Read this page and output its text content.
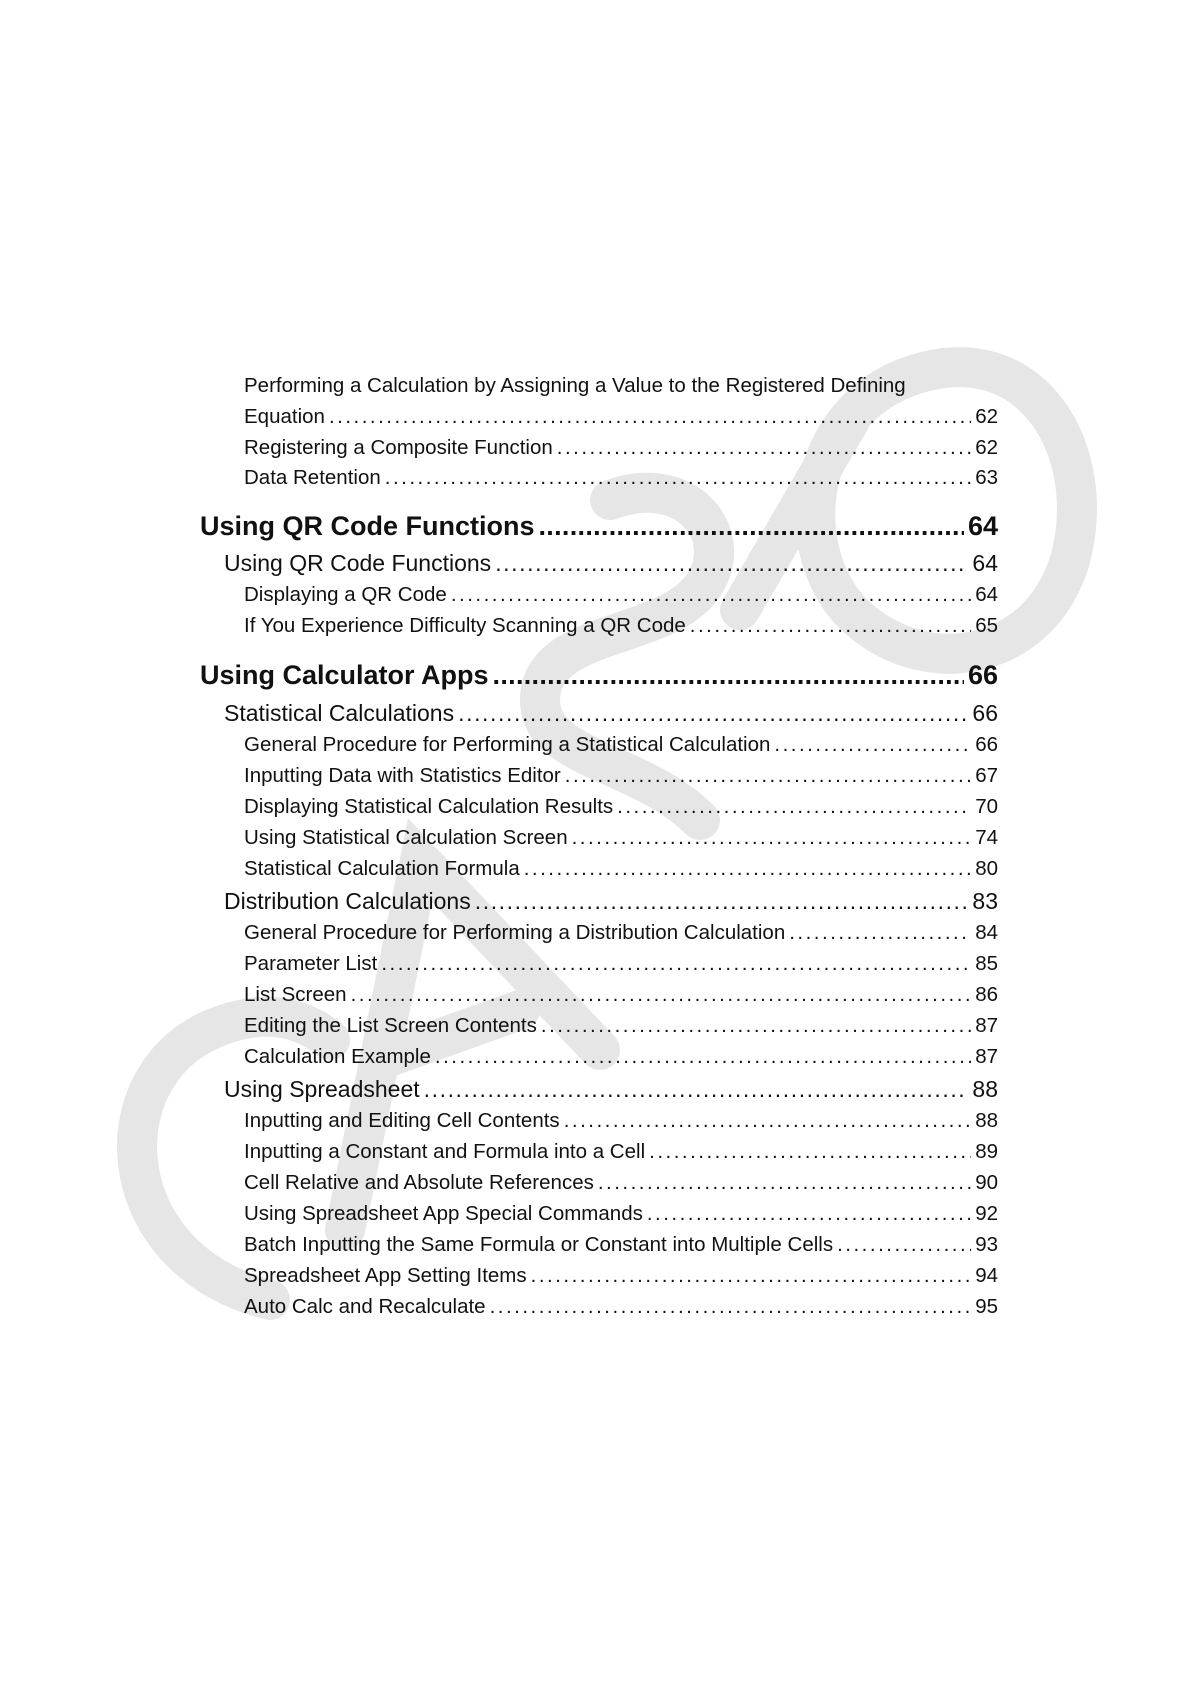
Performing a Calculation by Assigning a Value to the Registered Defining
Equation . . .	62
Registering a Composite Function . . .	62
Data Retention . . .	63
Using QR Code Functions . . .	64
Using QR Code Functions . . .	64
Displaying a QR Code . . .	64
If You Experience Difficulty Scanning a QR Code . . .	65
Using Calculator Apps . . .	66
Statistical Calculations . . .	66
General Procedure for Performing a Statistical Calculation . . .	66
Inputting Data with Statistics Editor . . .	67
Displaying Statistical Calculation Results . . .	70
Using Statistical Calculation Screen . . .	74
Statistical Calculation Formula . . .	80
Distribution Calculations . . .	83
General Procedure for Performing a Distribution Calculation . . .	84
Parameter List . . .	85
List Screen . . .	86
Editing the List Screen Contents . . .	87
Calculation Example . . .	87
Using Spreadsheet . . .	88
Inputting and Editing Cell Contents . . .	88
Inputting a Constant and Formula into a Cell . . .	89
Cell Relative and Absolute References . . .	90
Using Spreadsheet App Special Commands . . .	92
Batch Inputting the Same Formula or Constant into Multiple Cells . . .	93
Spreadsheet App Setting Items . . .	94
Auto Calc and Recalculate . . .	95
